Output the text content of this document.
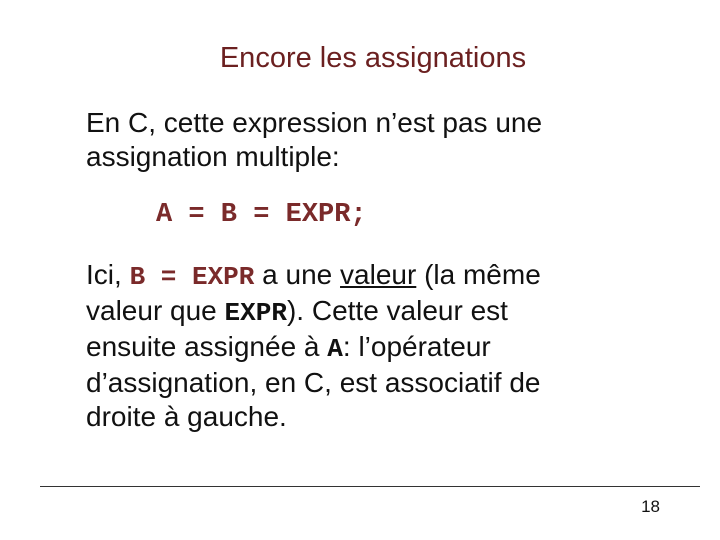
Encore les assignations
En C, cette expression n’est pas une
assignation multiple:
A = B = EXPR;
Ici, B = EXPR a une valeur (la même
valeur que EXPR). Cette valeur est
ensuite assignée à A: l’opérateur
d’assignation, en C, est associatif de
droite à gauche.
18
